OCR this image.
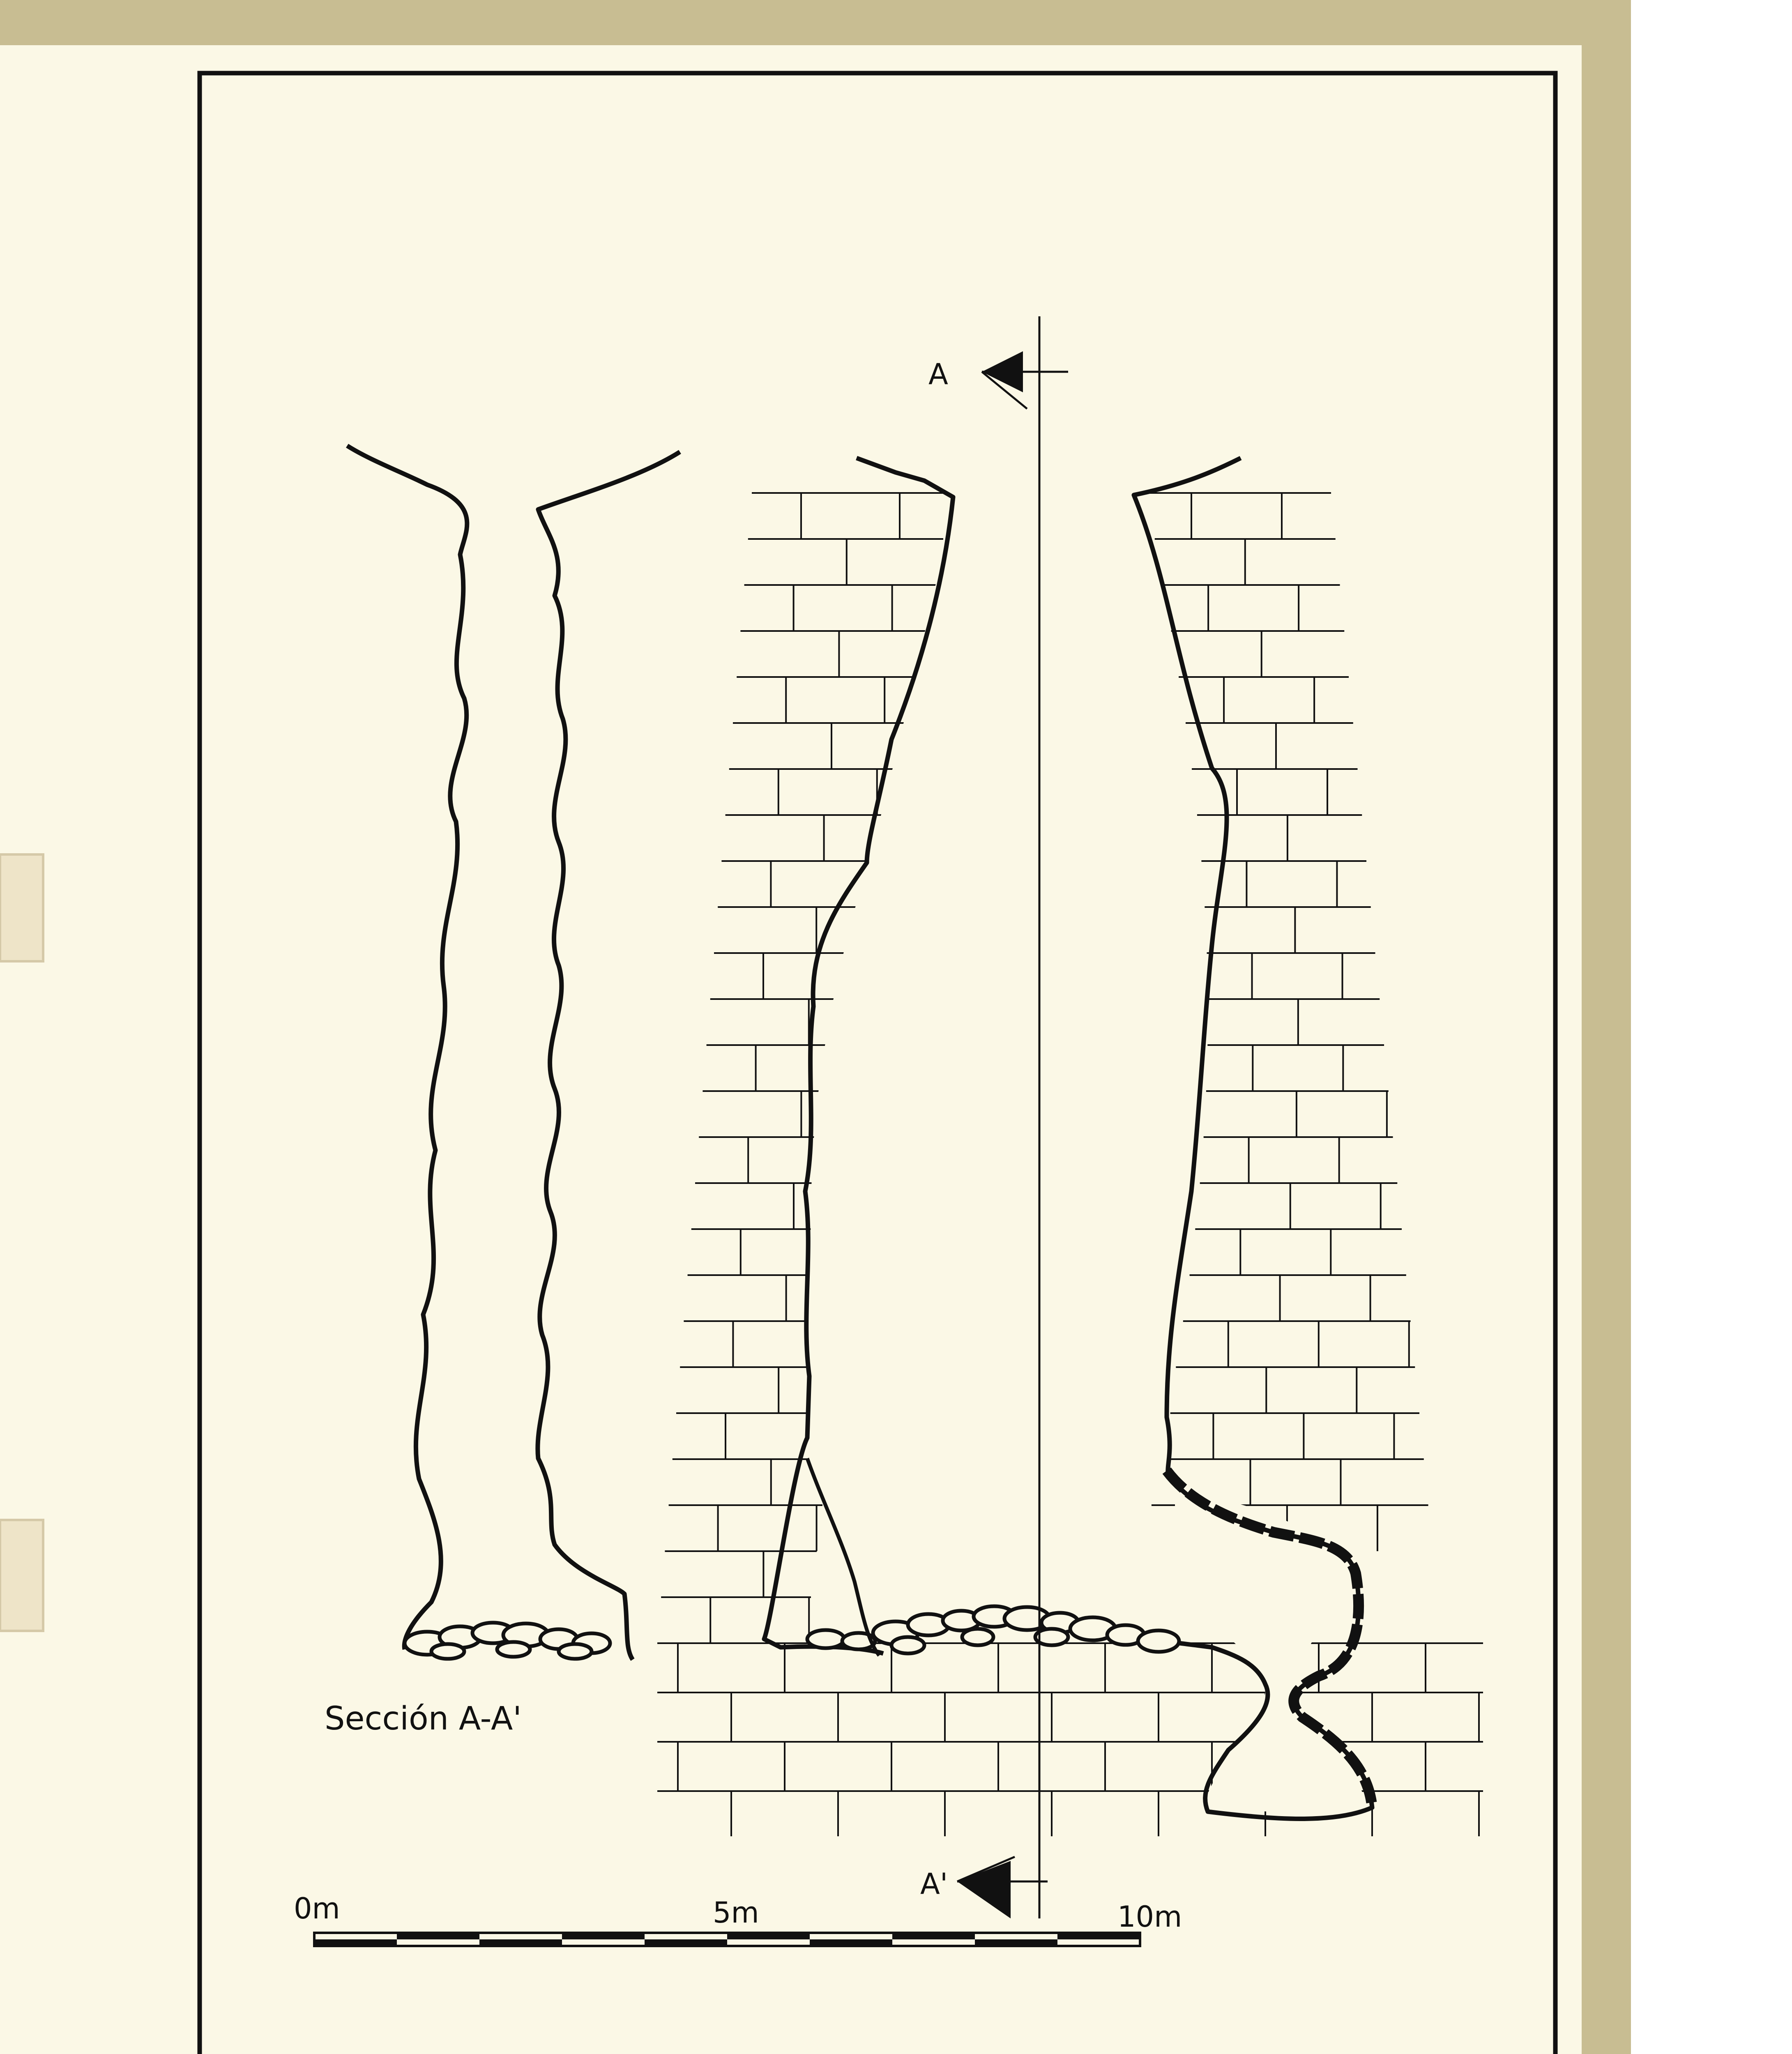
A
A'
Sección A-A'
0m	5m	10m
